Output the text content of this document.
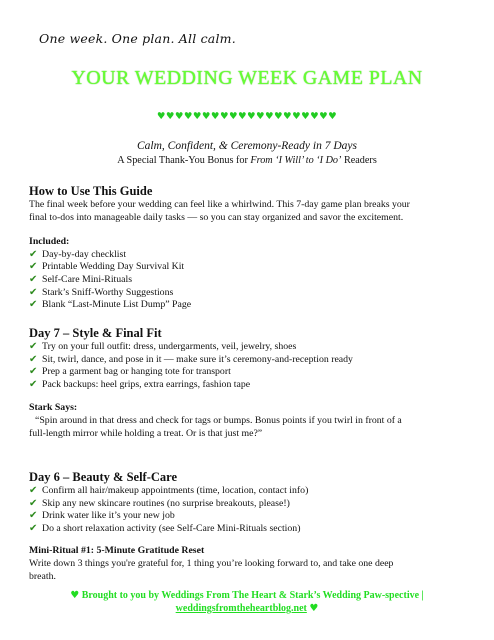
One week. One plan. All calm.
YOUR WEDDING WEEK GAME PLAN
♥♥♥♥♥♥♥♥♥♥♥♥♥♥♥♥♥♥♥♥
Calm, Confident, & Ceremony-Ready in 7 Days
A Special Thank-You Bonus for From ‘I Will’ to ‘I Do’ Readers
How to Use This Guide

The final week before your wedding can feel like a whirlwind. This 7-day game plan breaks your

final to-dos into manageable daily tasks — so you can stay organized and savor the excitement.

Included:
✔ Day-by-day checklist
✔ Printable Wedding Day Survival Kit
✔ Self-Care Mini-Rituals
✔ Stark’s Sniff-Worthy Suggestions
✔ Blank “Last-Minute List Dump” Page
Day 7 – Style & Final Fit
✔ Try on your full outfit: dress, undergarments, veil, jewelry, shoes
✔ Sit, twirl, dance, and pose in it — make sure it’s ceremony-and-reception ready
✔ Prep a garment bag or hanging tote for transport
✔ Pack backups: heel grips, extra earrings, fashion tape
Stark Says:

“Spin around in that dress and check for tags or bumps. Bonus points if you twirl in front of a

full-length mirror while holding a treat. Or is that just me?”

Day 6 – Beauty & Self-Care
✔ Confirm all hair/makeup appointments (time, location, contact info)
✔ Skip any new skincare routines (no surprise breakouts, please!)
✔ Drink water like it’s your new job
✔ Do a short relaxation activity (see Self-Care Mini-Rituals section)
Mini-Ritual #1: 5-Minute Gratitude Reset

Write down 3 things you're grateful for, 1 thing you’re looking forward to, and take one deep

breath.

♥ Brought to you by Weddings From The Heart & Stark’s Wedding Paw-spective |
weddingsfromtheheartblog.net ♥
